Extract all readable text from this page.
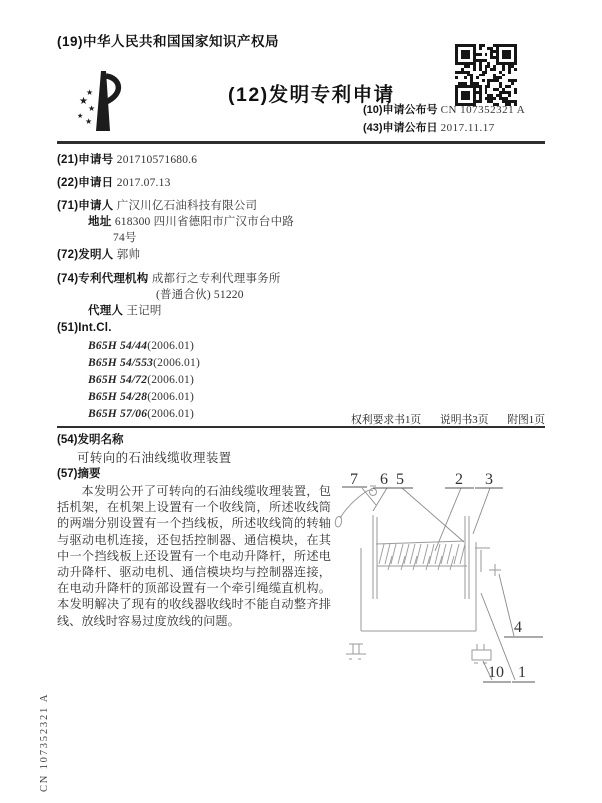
(19)中华人民共和国国家知识产权局
★
★
★
★
★
(12)发明专利申请
(10)申请公布号 CN 107352321 A
(43)申请公布日 2017.11.17
(21)申请号 201710571680.6
(22)申请日 2017.07.13
(71)申请人 广汉川亿石油科技有限公司
地址 618300 四川省德阳市广汉市台中路
74号
(72)发明人 郭帅
(74)专利代理机构 成都行之专利代理事务所
(普通合伙) 51220
代理人 王记明
(51)Int.Cl.
B65H 54/44(2006.01)
B65H 54/553(2006.01)
B65H 54/72(2006.01)
B65H 54/28(2006.01)
B65H 57/06(2006.01)	权利要求书1页 说明书3页 附图1页
(54)发明名称
可转向的石油线缆收理装置
(57)摘要
本发明公开了可转向的石油线缆收理装置，包括机架，在机架上设置有一个收线筒，所述收线筒的两端分别设置有一个挡线板，所述收线筒的转轴与驱动电机连接，还包括控制器、通信模块，在其中一个挡线板上还设置有一个电动升降杆，所述电动升降杆、驱动电机、通信模块均与控制器连接，在电动升降杆的顶部设置有一个牵引绳缆直机构。本发明解决了现有的收线器收线时不能自动整齐排线、放线时容易过度放线的问题。
7 6 5	2 3
4
10 1
CN 107352321 A
